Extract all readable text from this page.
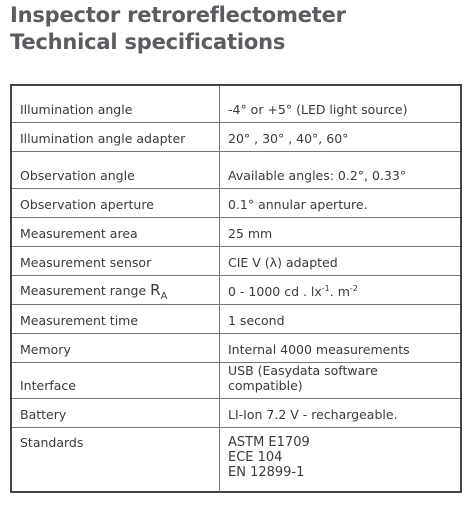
Inspector retroreflectometer
Technical specifications
Illumination angle	-4° or +5° (LED light source)
Illumination angle adapter	20° , 30° , 40°, 60°
Observation angle	Available angles: 0.2°, 0.33°
Observation aperture	0.1° annular aperture.
Measurement area	25 mm
Measurement sensor	CIE V (λ) adapted
Measurement range $R_A$	0 - 1000 cd . $lx^{-1}$. $m^{-2}$
Measurement time	1 second
Memory	Internal 4000 measurements
Interface	USB (Easydata software compatible)
Battery	LI-Ion 7.2 V - rechargeable.
Standards	ASTM E1709
ECE 104
EN 12899-1
